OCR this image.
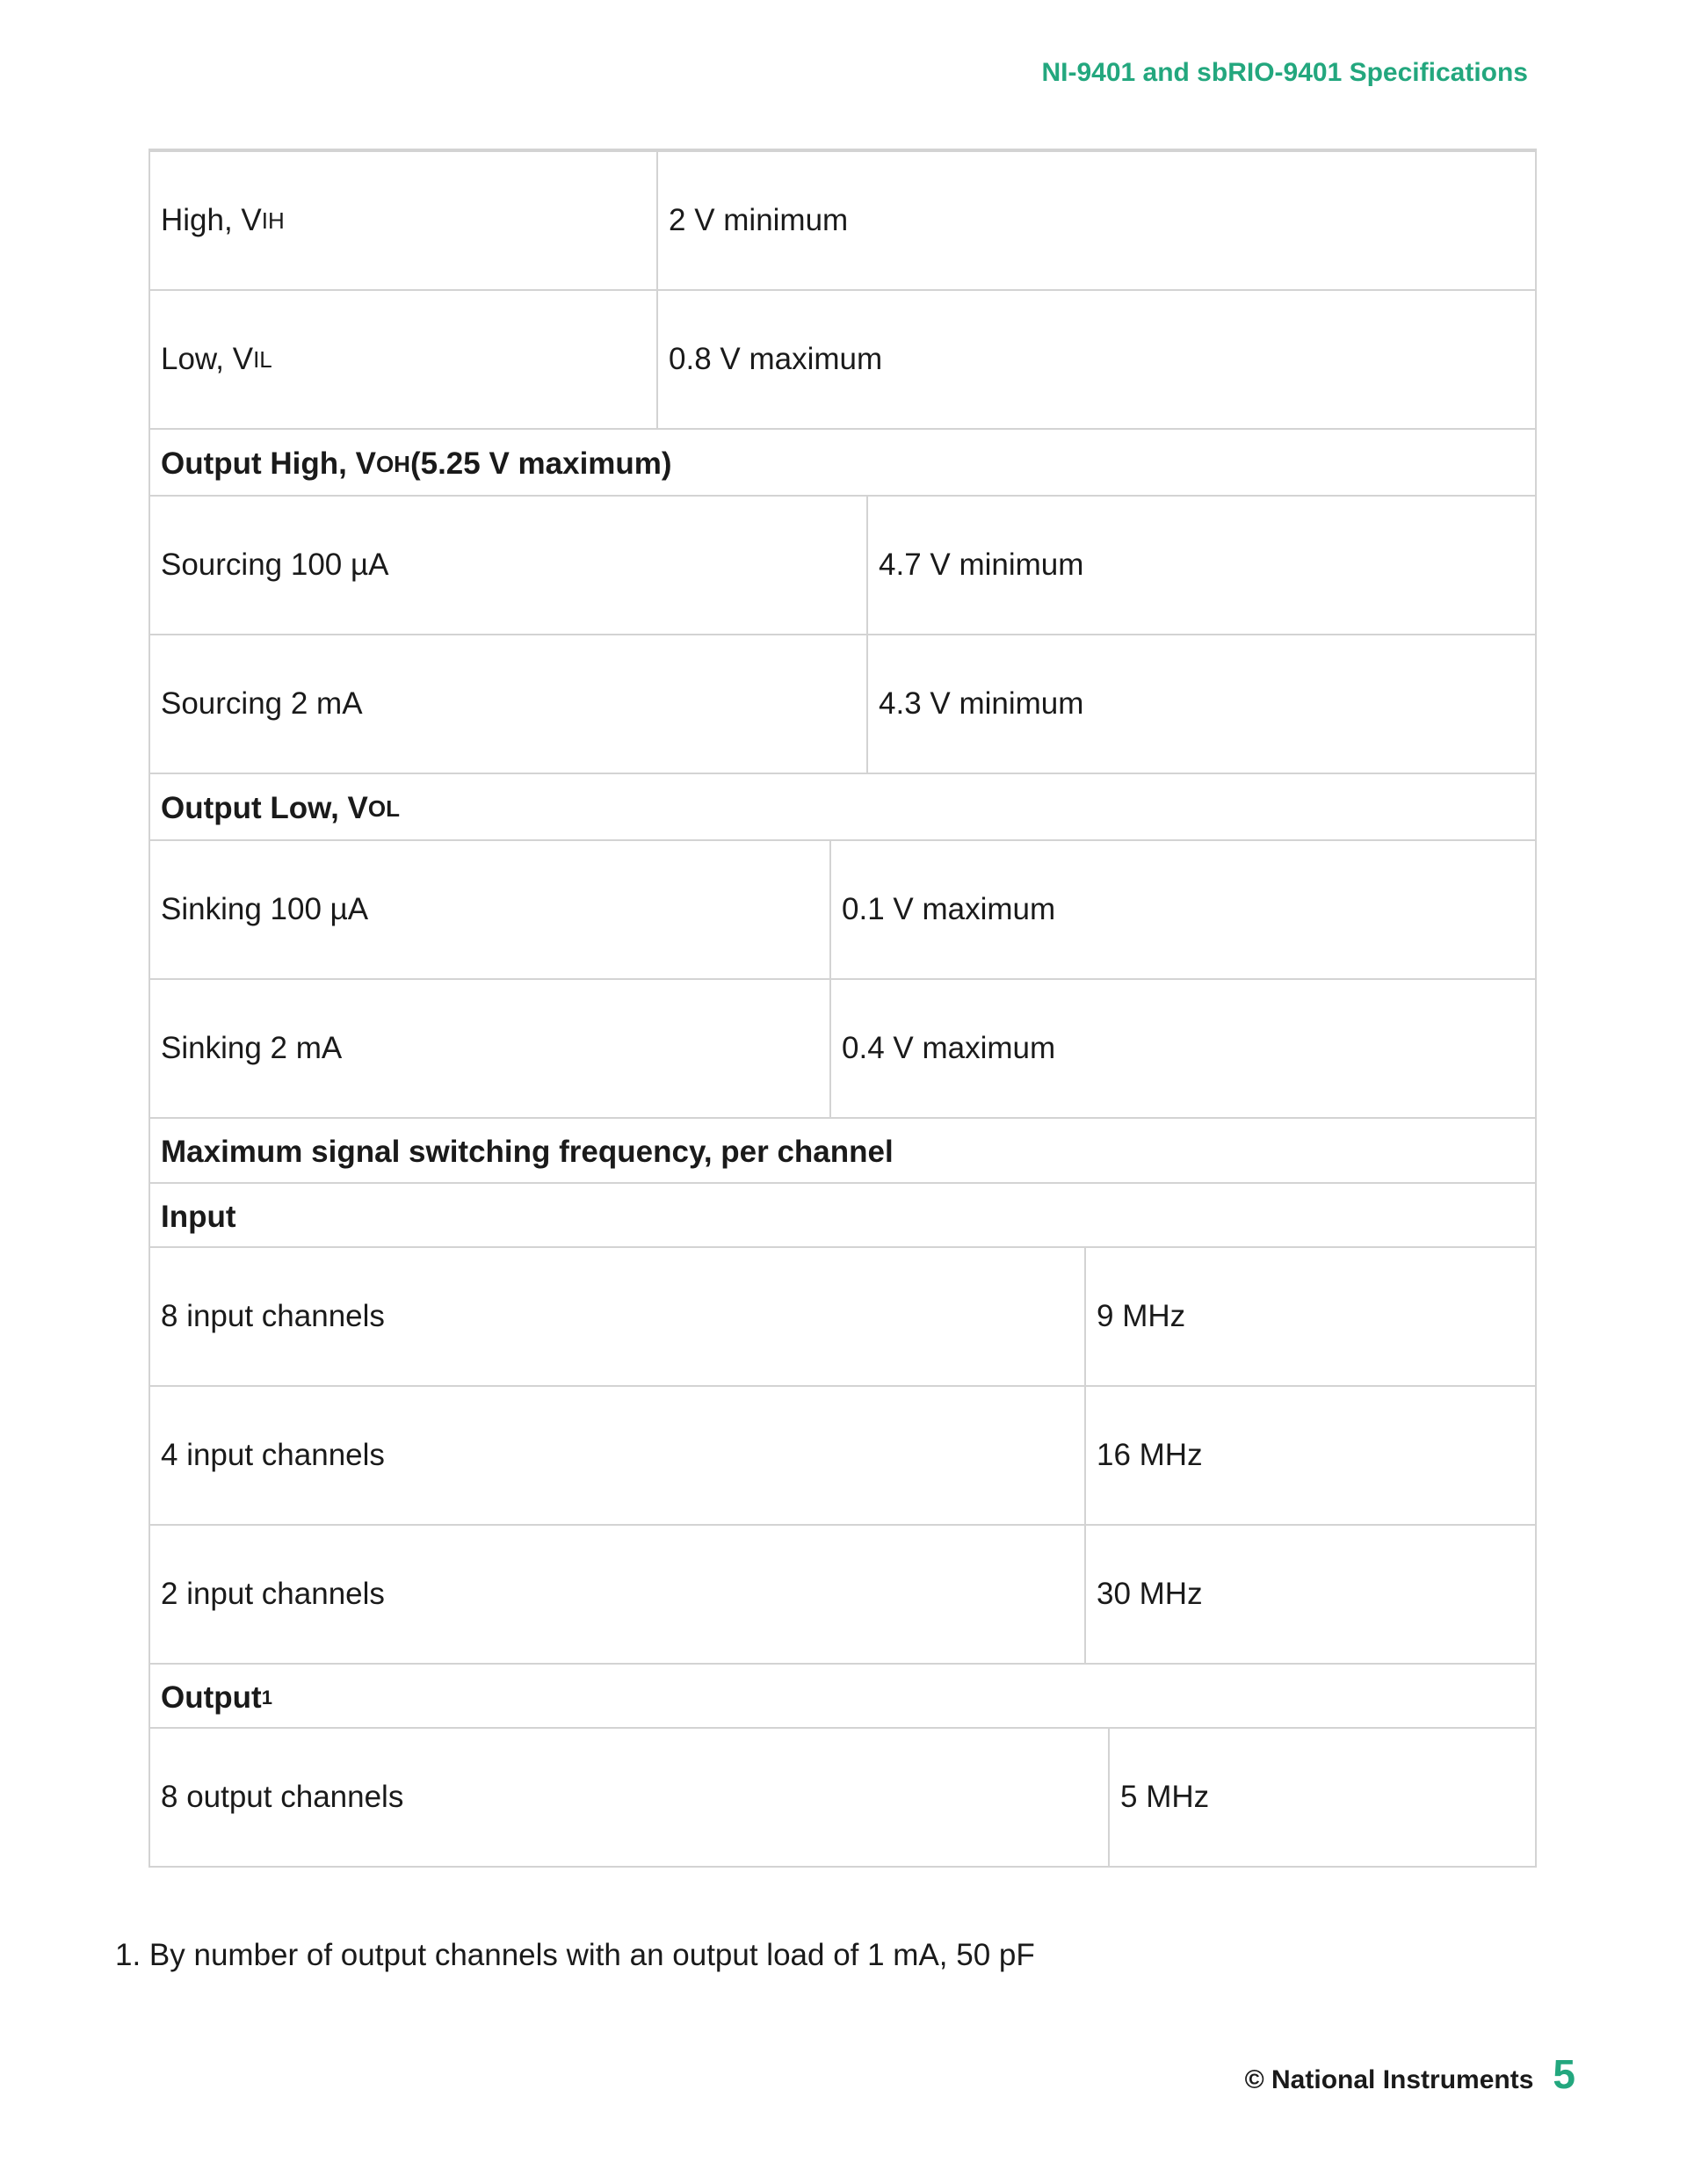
NI-9401 and sbRIO-9401 Specifications
High, V IH	2 V minimum
Low, V IL	0.8 V maximum
Output High, V OH (5.25 V maximum)
Sourcing 100 µA	4.7 V minimum
Sourcing 2 mA	4.3 V minimum
Output Low, V OL
Sinking 100 µA	0.1 V maximum
Sinking 2 mA	0.4 V maximum
Maximum signal switching frequency, per channel
Input
8 input channels	9 MHz
4 input channels	16 MHz
2 input channels	30 MHz
Output 1
8 output channels	5 MHz
1. By number of output channels with an output load of 1 mA, 50 pF
© National Instruments 5
